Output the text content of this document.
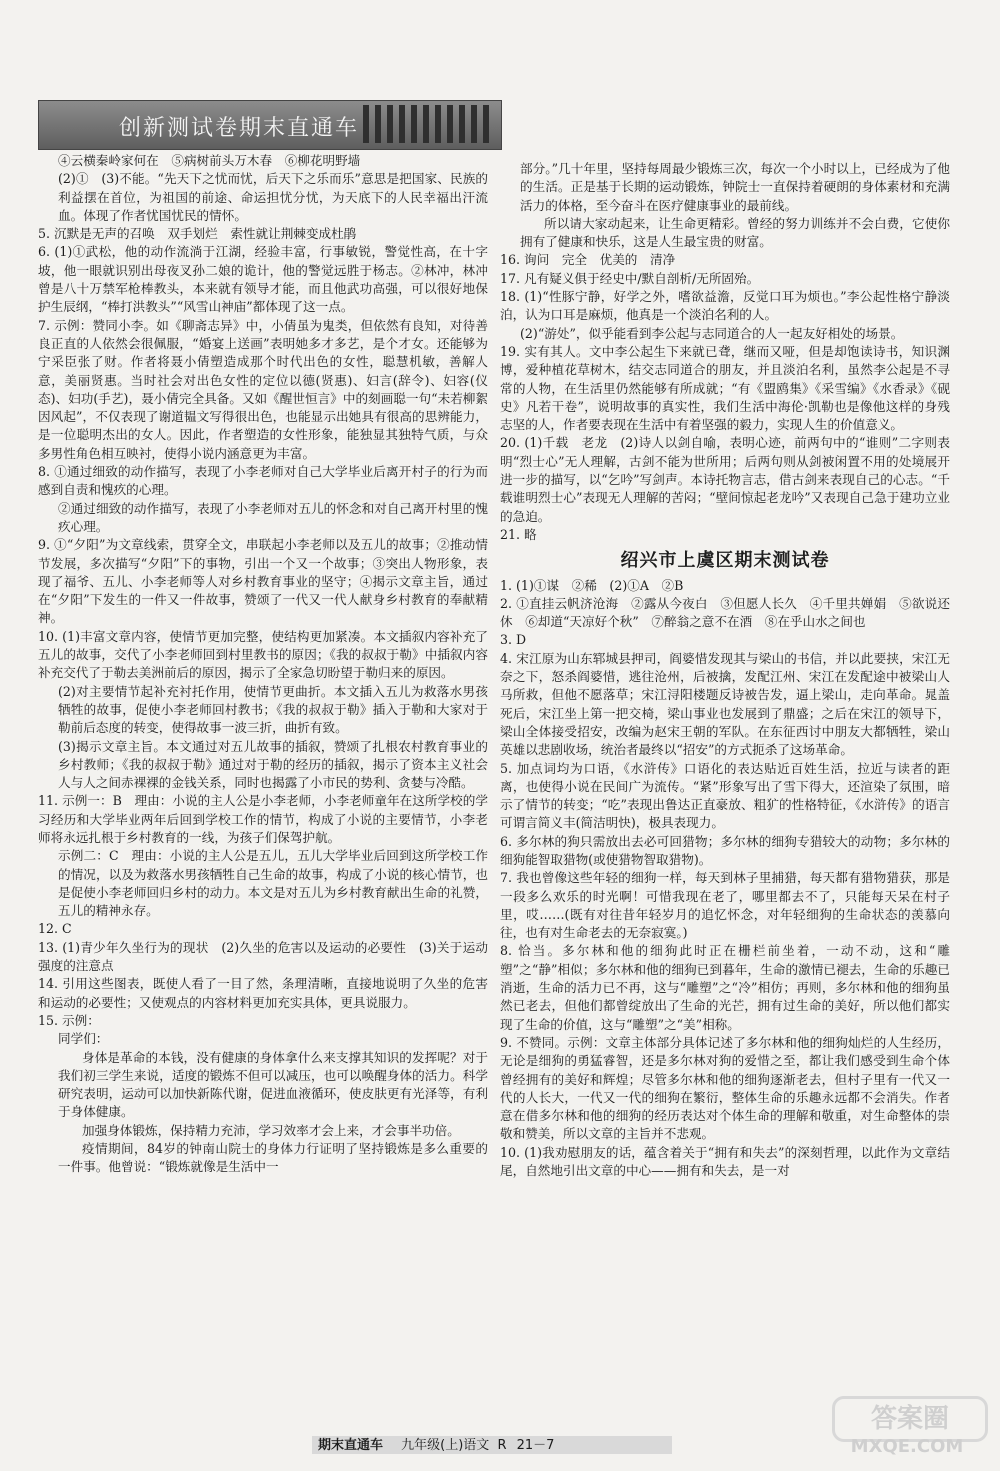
创新测试卷期末直通车

④云横秦岭家何在　⑤病树前头万木春　⑥柳花明野墙

(2)①　(3)不能。“先天下之忧而忧，后天下之乐而乐”意思是把国家、民族的利益摆在首位，为祖国的前途、命运担忧分忧，为天底下的人民幸福出汗流血。体现了作者忧国忧民的情怀。

5. 沉默是无声的召唤　双手划烂　索性就让荆棘变成杜鹃

6. (1)①武松，他的动作流淌于江湖，经验丰富，行事敏锐，警觉性高，在十字坡，他一眼就识别出母夜叉孙二娘的诡计，他的警觉远胜于杨志。②林冲，林冲曾是八十万禁军枪棒教头，本来就有领导才能，而且他武功高强，可以很好地保护生辰纲，“棒打洪教头”“风雪山神庙”都体现了这一点。

7. 示例：赞同小李。如《聊斋志异》中，小倩虽为鬼类，但依然有良知，对待善良正直的人依然会很佩服，“婚宴上送画”表明她多才多艺，是个才女。还能够为宁采臣张了财。作者将聂小倩塑造成那个时代出色的女性，聪慧机敏，善解人意，美丽贤惠。当时社会对出色女性的定位以德(贤惠)、妇言(辞令)、妇容(仪态)、妇功(手艺)，聂小倩完全具备。又如《醒世恒言》中的刻画聪一句“未若柳絮因风起”，不仅表现了谢道韫文写得很出色，也能显示出她具有很高的思辨能力，是一位聪明杰出的女人。因此，作者塑造的女性形象，能独显其独特气质，与众多男性角色相互映衬，使得小说内涵意更为丰富。

8. ①通过细致的动作描写，表现了小李老师对自己大学毕业后离开村子的行为而感到自责和愧疚的心理。

②通过细致的动作描写，表现了小李老师对五儿的怀念和对自己离开村里的愧疚心理。

9. ①“夕阳”为文章线索，贯穿全文，串联起小李老师以及五儿的故事；②推动情节发展，多次描写“夕阳”下的事物，引出一个又一个故事；③突出人物形象，表现了福爷、五儿、小李老师等人对乡村教育事业的坚守；④揭示文章主旨，通过在“夕阳”下发生的一件又一件故事，赞颂了一代又一代人献身乡村教育的奉献精神。

10. (1)丰富文章内容，使情节更加完整，使结构更加紧凑。本文插叙内容补充了五儿的故事，交代了小李老师回到村里教书的原因；《我的叔叔于勒》中插叙内容补充交代了于勒去美洲前后的原因，揭示了全家急切盼望于勒归来的原因。

(2)对主要情节起补充衬托作用，使情节更曲折。本文插入五儿为救落水男孩牺牲的故事，促使小李老师回村教书；《我的叔叔于勒》插入于勒和大家对于勒前后态度的转变，使得故事一波三折，曲折有致。

(3)揭示文章主旨。本文通过对五儿故事的插叙，赞颂了扎根农村教育事业的乡村教师；《我的叔叔于勒》通过对于勒的经历的插叙，揭示了资本主义社会人与人之间赤裸裸的金钱关系，同时也揭露了小市民的势利、贪婪与冷酷。

11. 示例一：B　理由：小说的主人公是小李老师，小李老师童年在这所学校的学习经历和大学毕业两年后回到学校工作的情节，构成了小说的主要情节，小李老师将永远扎根于乡村教育的一线，为孩子们保驾护航。

示例二：C　理由：小说的主人公是五儿，五儿大学毕业后回到这所学校工作的情况，以及为救落水男孩牺牲自己生命的故事，构成了小说的核心情节，也是促使小李老师回归乡村的动力。本文是对五儿为乡村教育献出生命的礼赞，五儿的精神永存。

12. C

13. (1)青少年久坐行为的现状　(2)久坐的危害以及运动的必要性　(3)关于运动强度的注意点

14. 引用这些图表，既使人看了一目了然，条理清晰，直接地说明了久坐的危害和运动的必要性；又使观点的内容材料更加充实具体，更具说服力。

15. 示例：

同学们：

身体是革命的本钱，没有健康的身体拿什么来支撑其知识的发挥呢？对于我们初三学生来说，适度的锻炼不但可以减压，也可以唤醒身体的活力。科学研究表明，运动可以加快新陈代谢，促进血液循环，使皮肤更有光泽等，有利于身体健康。

加强身体锻炼，保持精力充沛，学习效率才会上来，才会事半功倍。

疫情期间，84岁的钟南山院士的身体力行证明了坚持锻炼是多么重要的一件事。他曾说：“锻炼就像是生活中一

部分。”几十年里，坚持每周最少锻炼三次，每次一个小时以上，已经成为了他的生活。正是基于长期的运动锻炼，钟院士一直保持着硬朗的身体素材和充满活力的体格，至今奋斗在医疗健康事业的最前线。

所以请大家动起来，让生命更精彩。曾经的努力训练并不会白费，它使你拥有了健康和快乐，这是人生最宝贵的财富。

16. 询问　完全　优美的　清净

17. 凡有疑义俱于经史中/默自剖析/无所固殆。

18. (1)“性豚宁静，好学之外，嗜欲益澹，反觉口耳为烦也。”李公起性格宁静淡泊，认为口耳是麻烦，他真是一个淡泊名利的人。

(2)“游处”，似乎能看到李公起与志同道合的人一起友好相处的场景。

19. 实有其人。文中李公起生下来就已聋，继而又哑，但是却饱读诗书，知识渊博，爱种植花草树木，结交志同道合的朋友，并且淡泊名利，虽然李公起是不寻常的人物，在生活里仍然能够有所成就；“有《盟鸥集》《采雪编》《水香录》《砚史》凡若干卷”，说明故事的真实性，我们生活中海伦·凯勒也是像他这样的身残志坚的人，作者要表现在生活中有着坚强的毅力，实现人生的价值意义。

20. (1)千载　老龙　(2)诗人以剑自喻，表明心迹，前两句中的“谁则”二字则表明“烈士心”无人理解，古剑不能为世所用；后两句则从剑被闲置不用的处境展开进一步的描写，以“乞吟”写剑声。本诗托物言志，借古剑来表现自己的心志。“千载谁明烈士心”表现无人理解的苦闷；“壁间惊起老龙吟”又表现自己急于建功立业的急迫。

21. 略

绍兴市上虞区期末测试卷

1. (1)①谋　②稀　(2)①A　②B

2. ①直挂云帆济沧海　②露从今夜白　③但愿人长久　④千里共婵娟　⑤欲说还休　⑥却道“天凉好个秋”　⑦醉翁之意不在酒　⑧在乎山水之间也

3. D

4. 宋江原为山东郓城县押司，阎婆惜发现其与梁山的书信，并以此要挟，宋江无奈之下，怒杀阎婆惜，逃往沧州，后被擒，发配江州、宋江在发配途中被梁山人马所救，但他不愿落草；宋江浔阳楼题反诗被告发，逼上梁山，走向革命。晁盖死后，宋江坐上第一把交椅，梁山事业也发展到了鼎盛；之后在宋江的领导下，梁山全体接受招安，改编为赵宋王朝的军队。在东征西讨中朋友大都牺牲，梁山英雄以悲剧收场，统治者最终以“招安”的方式扼杀了这场革命。

5. 加点词均为口语，《水浒传》口语化的表达贴近百姓生活，拉近与读者的距离，也使得小说在民间广为流传。“紧”形象写出了雪下得大，还渲染了氛围，暗示了情节的转变；“吃”表现出鲁达正直豪放、粗犷的性格特征，《水浒传》的语言可谓言简义丰(简洁明快)，极具表现力。

6. 多尔林的狗只需放出去必可回猎物；多尔林的细狗专猎较大的动物；多尔林的细狗能智取猎物(或使猎物智取猎物)。

7. 我也曾像这些年轻的细狗一样，每天到林子里捕猎，每天都有猎物猎获，那是一段多么欢乐的时光啊！可惜我现在老了，哪里都去不了，只能每天呆在村子里，哎……(既有对往昔年轻岁月的追忆怀念，对年轻细狗的生命状态的羡慕向往，也有对生命老去的无奈寂寞。)

8. 恰当。多尔林和他的细狗此时正在栅栏前坐着，一动不动，这和“雕塑”之“静”相似；多尔林和他的细狗已到暮年，生命的激情已褪去，生命的乐趣已消逝，生命的活力已不再，这与“雕塑”之“冷”相仿；再则，多尔林和他的细狗虽然已老去，但他们都曾绽放出了生命的光芒，拥有过生命的美好，所以他们都实现了生命的价值，这与“雕塑”之“美”相称。

9. 不赞同。示例：文章主体部分具体记述了多尔林和他的细狗灿烂的人生经历，无论是细狗的勇猛睿智，还是多尔林对狗的爱惜之至，都让我们感受到生命个体曾经拥有的美好和辉煌；尽管多尔林和他的细狗逐渐老去，但村子里有一代又一代的人长大，一代又一代的细狗在繁衍，整体生命的乐趣永远都不会消失。作者意在借多尔林和他的细狗的经历表达对个体生命的理解和敬重，对生命整体的崇敬和赞美，所以文章的主旨并不悲观。

10. (1)我劝慰朋友的话，蕴含着关于“拥有和失去”的深刻哲理，以此作为文章结尾，自然地引出文章的中心——拥有和失去，是一对

期末直通车 九年级(上)语文 R 21－7
答案圈
MXQE.COM
